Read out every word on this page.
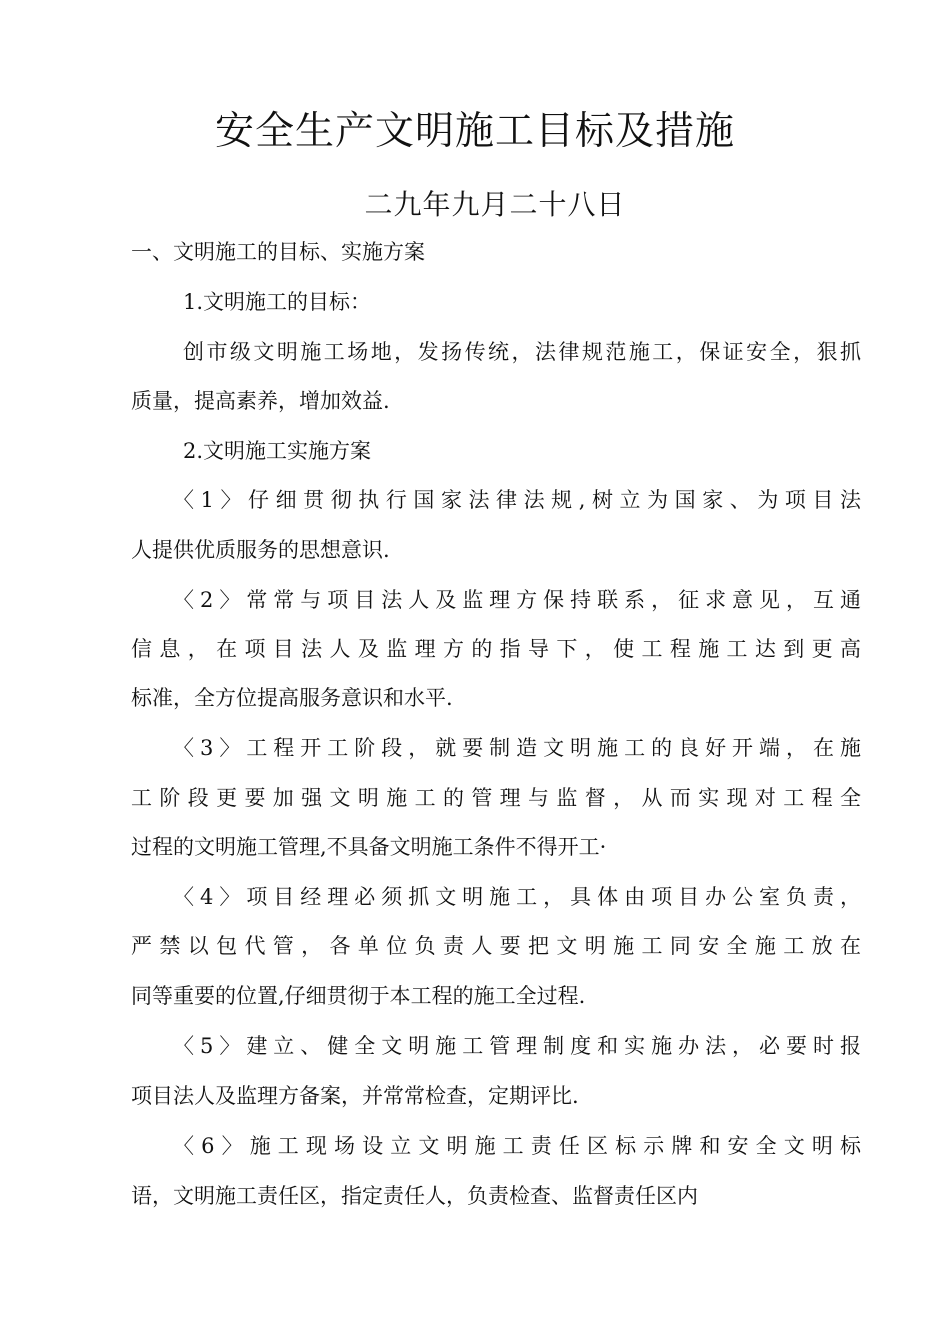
安全生产文明施工目标及措施
二九年九月二十八日
一、文明施工的目标、实施方案
1.文明施工的目标：
创市级文明施工场地，发扬传统，法律规范施工，保证安全，狠抓
质量，提高素养，增加效益.
2.文明施工实施方案
〈1〉仔细贯彻执行国家法律法规,树立为国家、为项目法
人提供优质服务的思想意识.
〈2〉常常与项目法人及监理方保持联系，征求意见，互通
信息，在项目法人及监理方的指导下，使工程施工达到更高
标准，全方位提高服务意识和水平.
〈3〉工程开工阶段，就要制造文明施工的良好开端，在施
工阶段更要加强文明施工的管理与监督，从而实现对工程全
过程的文明施工管理,不具备文明施工条件不得开工·
〈4〉项目经理必须抓文明施工，具体由项目办公室负责，
严禁以包代管，各单位负责人要把文明施工同安全施工放在
同等重要的位置,仔细贯彻于本工程的施工全过程.
〈5〉建立、健全文明施工管理制度和实施办法，必要时报
项目法人及监理方备案，并常常检查，定期评比.
〈6〉施工现场设立文明施工责任区标示牌和安全文明标
语，文明施工责任区，指定责任人，负责检查、监督责任区内
